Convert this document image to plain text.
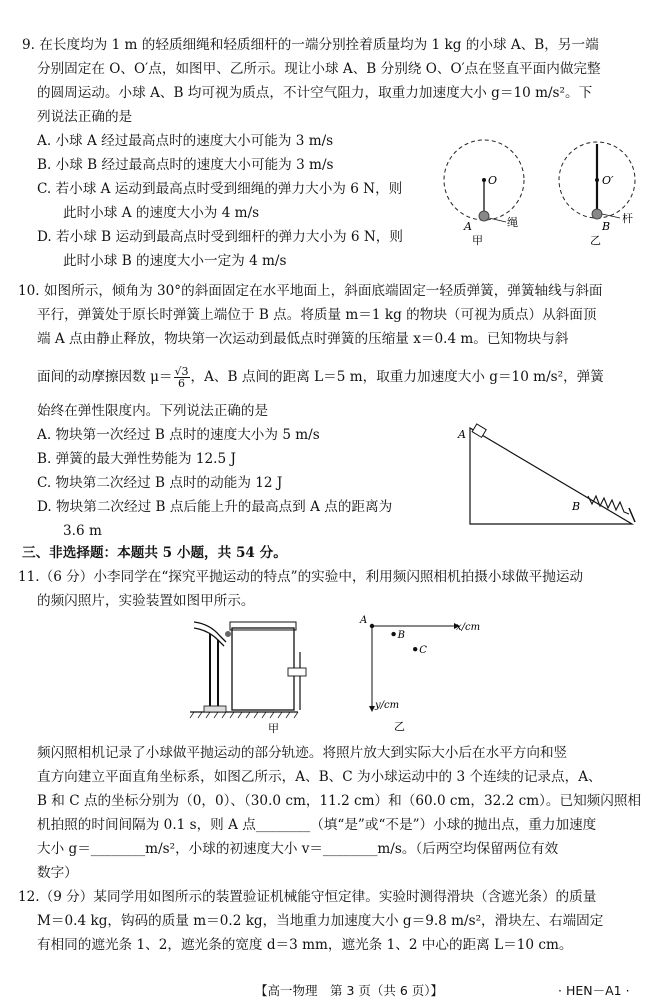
9. 在长度均为 1 m 的轻质细绳和轻质细杆的一端分别拴着质量均为 1 kg 的小球 A、B，另一端
分别固定在 O、O′点，如图甲、乙所示。现让小球 A、B 分别绕 O、O′点在竖直平面内做完整
的圆周运动。小球 A、B 均可视为质点，不计空气阻力，取重力加速度大小 g＝10 m/s²。下
列说法正确的是
A. 小球 A 经过最高点时的速度大小可能为 3 m/s
B. 小球 B 经过最高点时的速度大小可能为 3 m/s
C. 若小球 A 运动到最高点时受到细绳的弹力大小为 6 N，则
此时小球 A 的速度大小为 4 m/s
D. 若小球 B 运动到最高点时受到细杆的弹力大小为 6 N，则
此时小球 B 的速度大小一定为 4 m/s
O
A	绳
甲
O′
B
杆
乙
10. 如图所示，倾角为 30°的斜面固定在水平地面上，斜面底端固定一轻质弹簧，弹簧轴线与斜面
平行，弹簧处于原长时弹簧上端位于 B 点。将质量 m＝1 kg 的物块（可视为质点）从斜面顶
端 A 点由静止释放，物块第一次运动到最低点时弹簧的压缩量 x＝0.4 m。已知物块与斜
面间的动摩擦因数 $\mu= \frac{√3}{6}$ ，A、B 点间的距离 L＝5 m，取重力加速度大小 g＝10 m/s²，弹簧
始终在弹性限度内。下列说法正确的是
A. 物块第一次经过 B 点时的速度大小为 5 m/s
B. 弹簧的最大弹性势能为 12.5 J
C. 物块第二次经过 B 点时的动能为 12 J
D. 物块第二次经过 B 点后能上升的最高点到 A 点的距离为
3.6 m
A
B
三、非选择题：本题共 5 小题，共 54 分。
11.（6 分）小李同学在“探究平抛运动的特点”的实验中，利用频闪照相机拍摄小球做平抛运动
的频闪照片，实验装置如图甲所示。
甲
x/cm
y/cm
A
B
C
乙
频闪照相机记录了小球做平抛运动的部分轨迹。将照片放大到实际大小后在水平方向和竖
直方向建立平面直角坐标系，如图乙所示，A、B、C 为小球运动中的 3 个连续的记录点，A、
B 和 C 点的坐标分别为（0，0）、（30.0 cm，11.2 cm）和（60.0 cm，32.2 cm）。已知频闪照相
机拍照的时间间隔为 0.1 s，则 A 点________（填“是”或“不是”）小球的抛出点，重力加速度
大小 g＝________m/s²，小球的初速度大小 v＝________m/s。（后两空均保留两位有效
数字）
12.（9 分）某同学用如图所示的装置验证机械能守恒定律。实验时测得滑块（含遮光条）的质量
M＝0.4 kg，钩码的质量 m＝0.2 kg，当地重力加速度大小 g＝9.8 m/s²，滑块左、右端固定
有相同的遮光条 1、2，遮光条的宽度 d＝3 mm，遮光条 1、2 中心的距离 L＝10 cm。
【高一物理　第 3 页（共 6 页）】	· HEN－A1 ·
